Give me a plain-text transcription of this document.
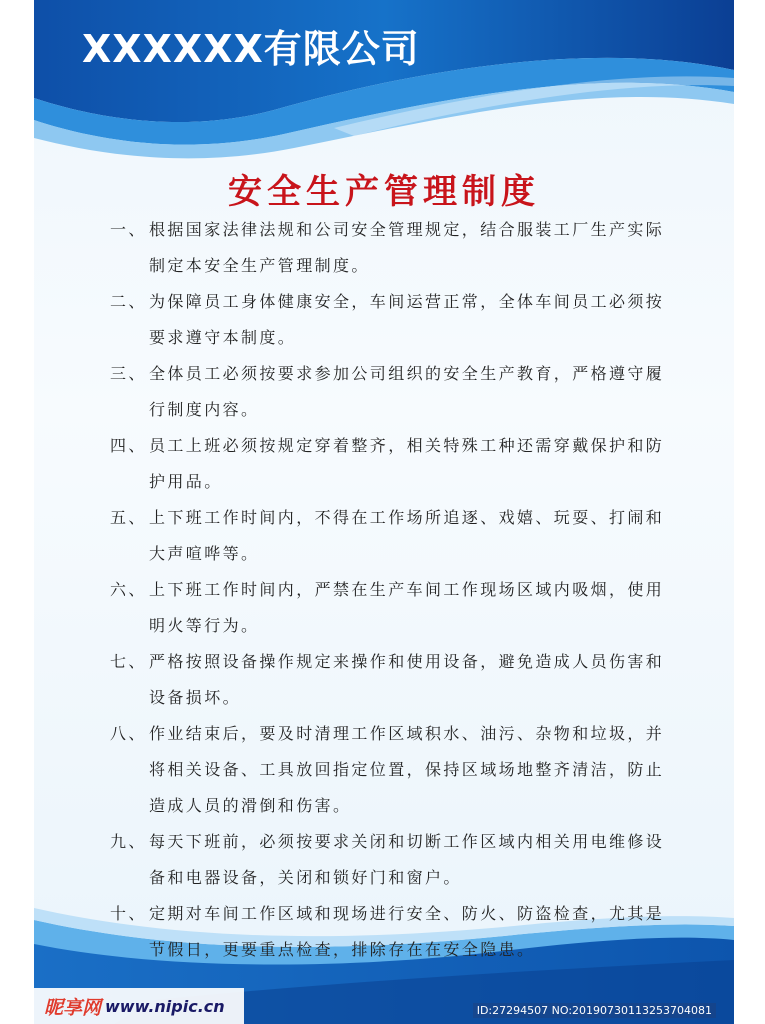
XXXXXX有限公司
安全生产管理制度
一、 根据国家法律法规和公司安全管理规定，结合服装工厂生产实际制定本安全生产管理制度。
二、 为保障员工身体健康安全，车间运营正常，全体车间员工必须按要求遵守本制度。
三、 全体员工必须按要求参加公司组织的安全生产教育，严格遵守履行制度内容。
四、 员工上班必须按规定穿着整齐，相关特殊工种还需穿戴保护和防护用品。
五、 上下班工作时间内，不得在工作场所追逐、戏嬉、玩耍、打闹和大声喧哗等。
六、 上下班工作时间内，严禁在生产车间工作现场区域内吸烟，使用明火等行为。
七、 严格按照设备操作规定来操作和使用设备，避免造成人员伤害和设备损坏。
八、 作业结束后，要及时清理工作区域积水、油污、杂物和垃圾，并将相关设备、工具放回指定位置，保持区域场地整齐清洁，防止造成人员的滑倒和伤害。
九、 每天下班前，必须按要求关闭和切断工作区域内相关用电维修设备和电器设备，关闭和锁好门和窗户。
十、 定期对车间工作区域和现场进行安全、防火、防盗检查，尤其是节假日，更要重点检查，排除存在在安全隐患。
昵享网 www.nipic.cn	ID:27294507 NO:20190730113253704081
